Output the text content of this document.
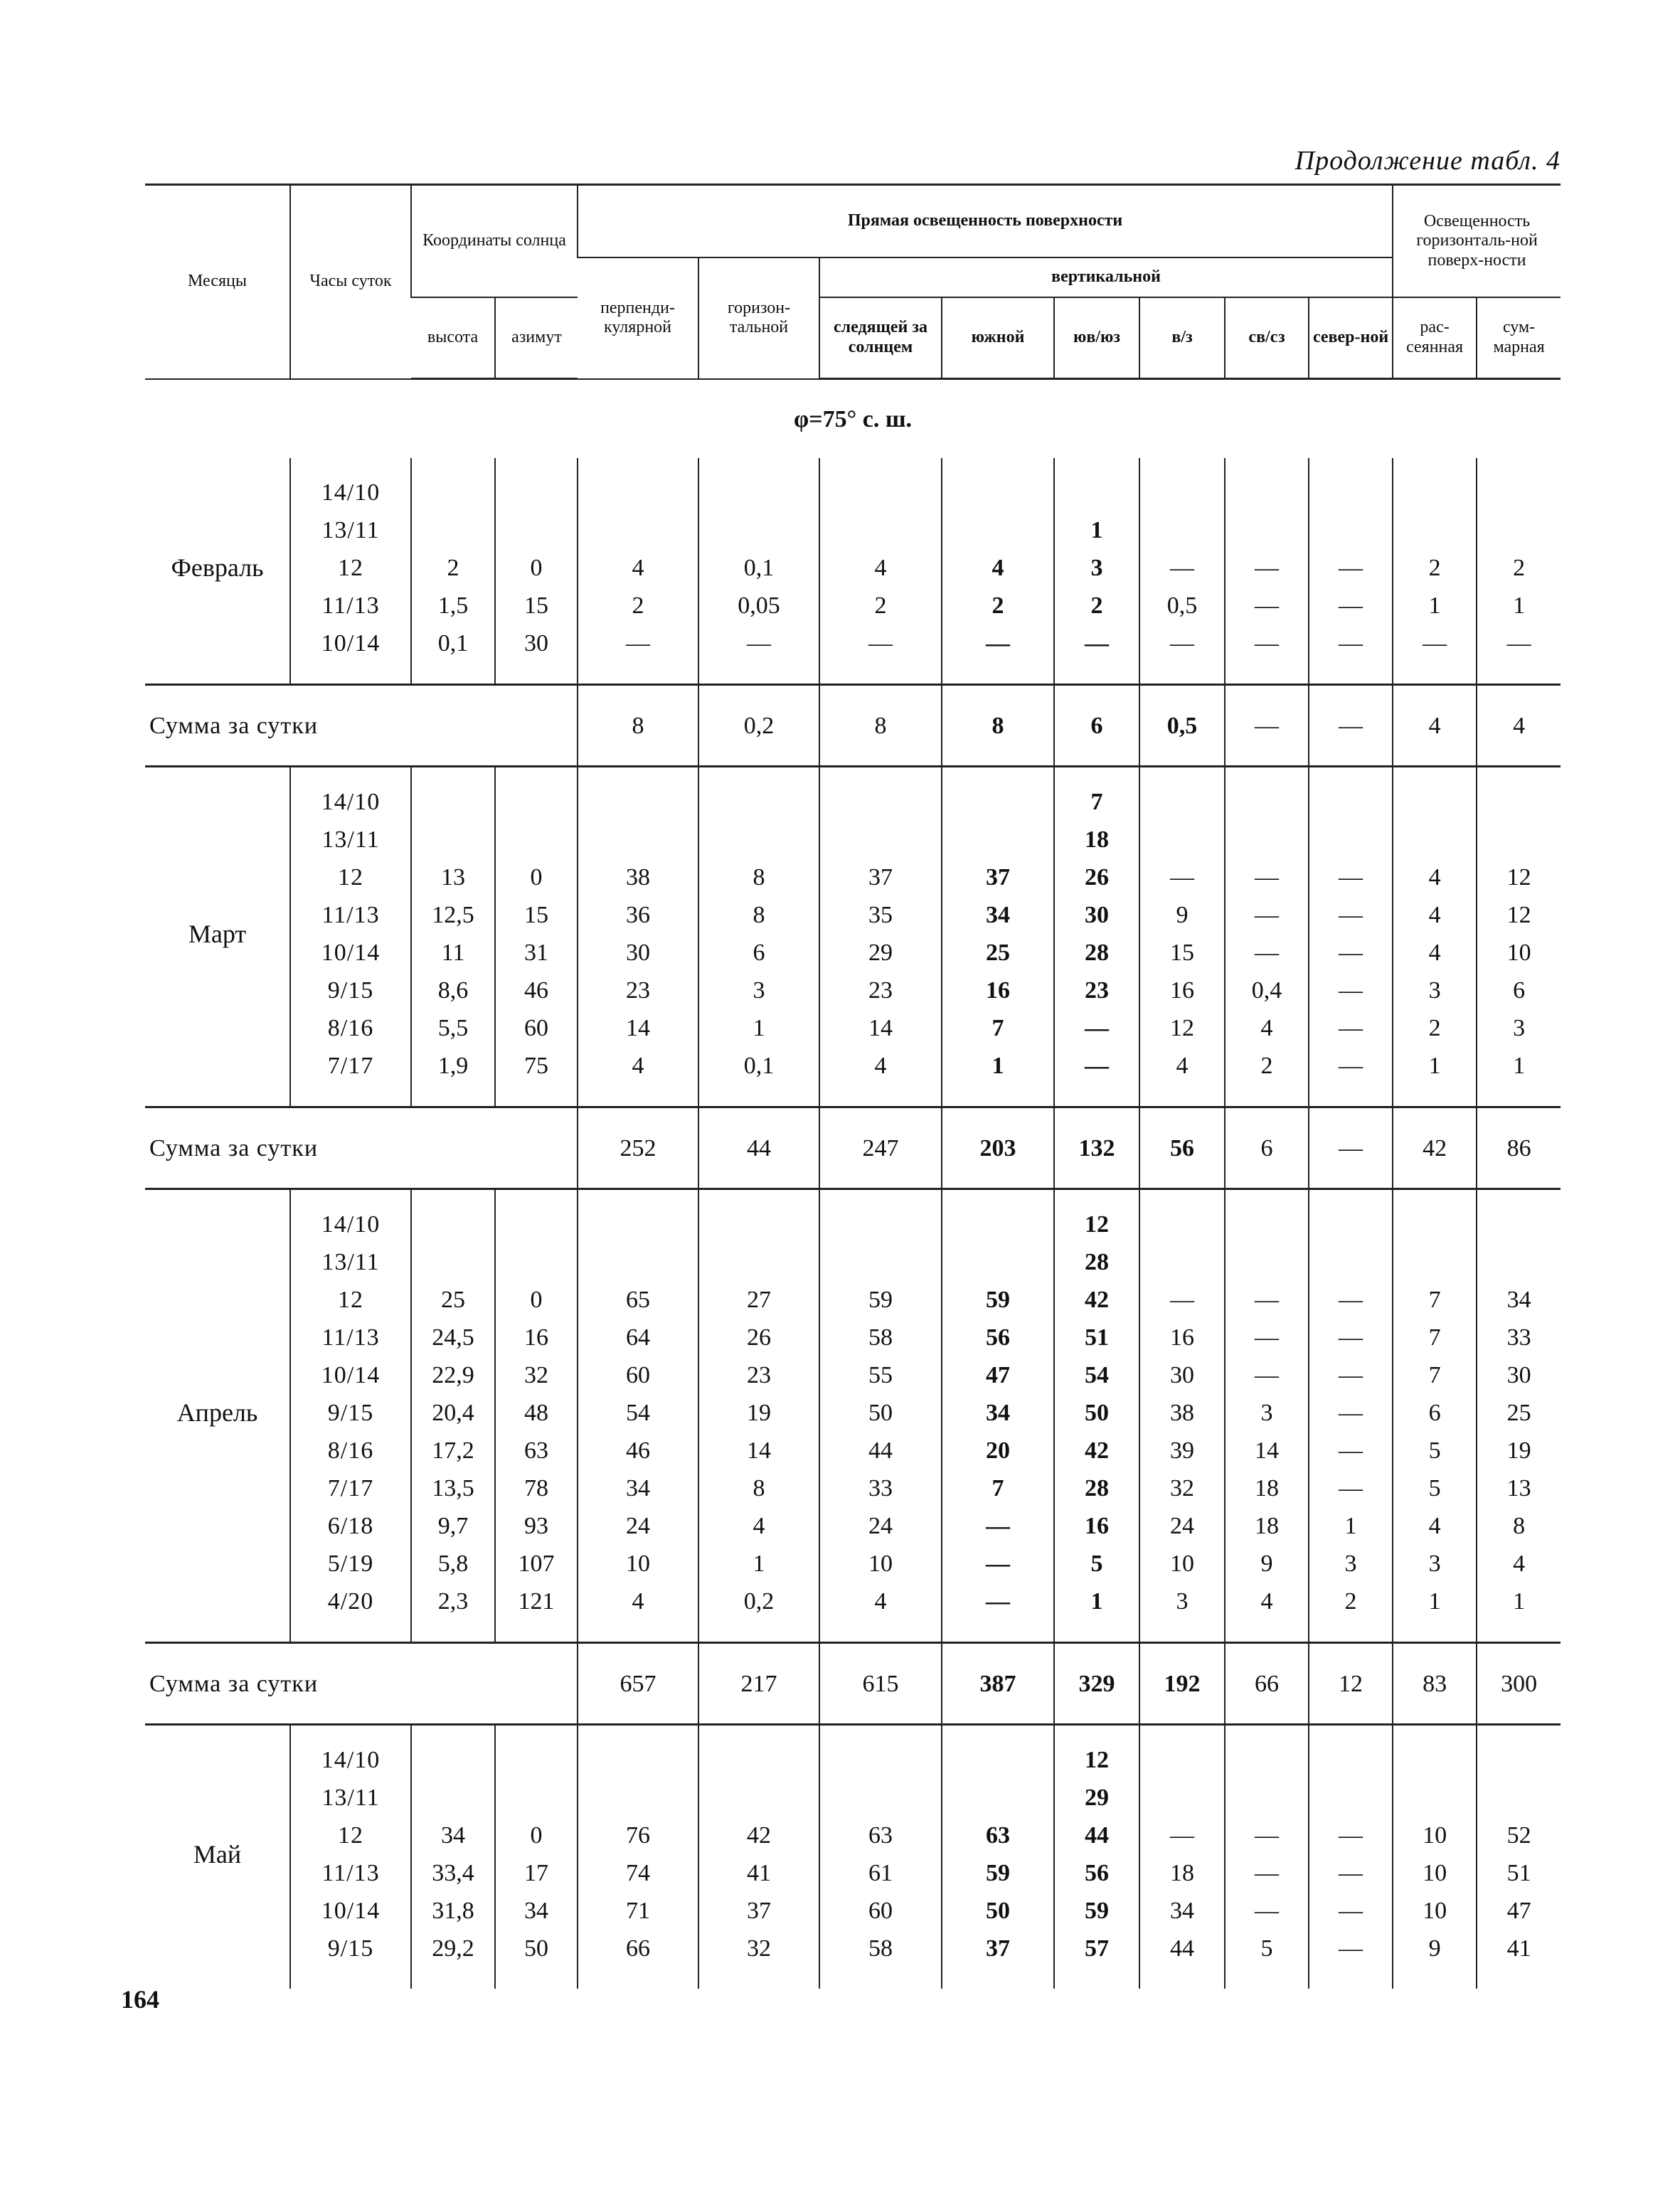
Продолжение табл. 4
Месяцы	Часы суток	Координаты солнца		Прямая освещенность поверхности								Освещенность горизонталь-ной поверх-ности	
				перпенди-кулярной	горизон-тальной	вертикальной							
		высота	азимут			следящей за солнцем	южной	юв/юз	в/з	св/сз	север-ной	рас-сеянная	сум-марная
φ=75° с. ш.													

Февраль	14/10												
	13/11							1					
	12	2	0	4	0,1	4	4	3	—	—	—	2	2
	11/13	1,5	15	2	0,05	2	2	2	0,5	—	—	1	1
	10/14	0,1	30	—	—	—	—	—	—	—	—	—	—

Сумма за сутки				8	0,2	8	8	6	0,5	—	—	4	4

Март	14/10							7					
	13/11							18					
	12	13	0	38	8	37	37	26	—	—	—	4	12
	11/13	12,5	15	36	8	35	34	30	9	—	—	4	12
	10/14	11	31	30	6	29	25	28	15	—	—	4	10
	9/15	8,6	46	23	3	23	16	23	16	0,4	—	3	6
	8/16	5,5	60	14	1	14	7	—	12	4	—	2	3
	7/17	1,9	75	4	0,1	4	1	—	4	2	—	1	1

Сумма за сутки				252	44	247	203	132	56	6	—	42	86

Апрель	14/10							12					
	13/11							28					
	12	25	0	65	27	59	59	42	—	—	—	7	34
	11/13	24,5	16	64	26	58	56	51	16	—	—	7	33
	10/14	22,9	32	60	23	55	47	54	30	—	—	7	30
	9/15	20,4	48	54	19	50	34	50	38	3	—	6	25
	8/16	17,2	63	46	14	44	20	42	39	14	—	5	19
	7/17	13,5	78	34	8	33	7	28	32	18	—	5	13
	6/18	9,7	93	24	4	24	—	16	24	18	1	4	8
	5/19	5,8	107	10	1	10	—	5	10	9	3	3	4
	4/20	2,3	121	4	0,2	4	—	1	3	4	2	1	1

Сумма за сутки				657	217	615	387	329	192	66	12	83	300

Май	14/10							12					
	13/11							29					
	12	34	0	76	42	63	63	44	—	—	—	10	52
	11/13	33,4	17	74	41	61	59	56	18	—	—	10	51
	10/14	31,8	34	71	37	60	50	59	34	—	—	10	47
	9/15	29,2	50	66	32	58	37	57	44	5	—	9	41

164
